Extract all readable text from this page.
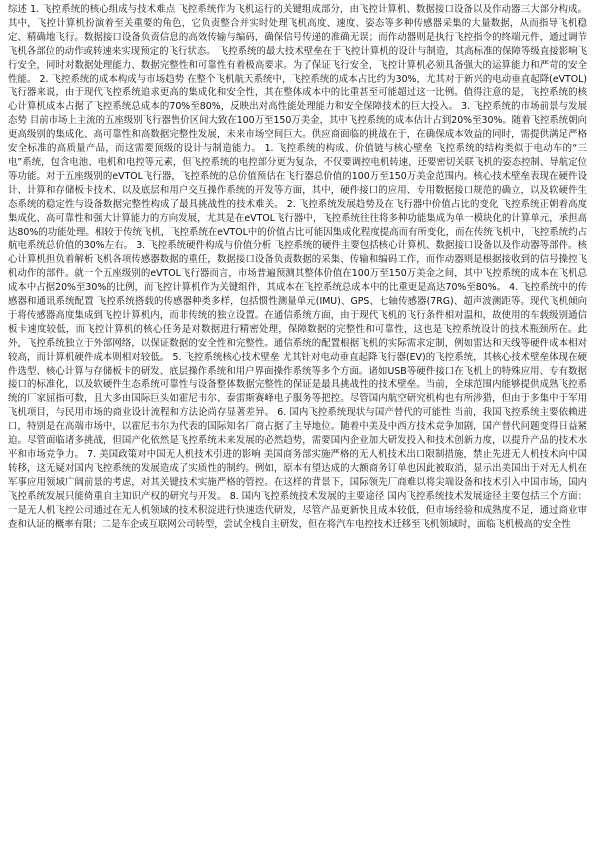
综述 1. 飞控系统的核心组成与技术难点 飞控系统作为飞机运行的关键组成部分，由飞控计算机、数据接口设备以及作动器三大部分构成。其中，飞控计算机扮演着至关重要的角色，它负责整合并实时处理飞机高度、速度、姿态等多种传感器采集的大量数据，从而指导飞机稳定、精确地飞行。数据接口设备负责信息的高效传输与编码，确保信号传递的准确无误；而作动器则是执行飞控指令的终端元件，通过调节飞机各部位的动作或转速来实现预定的飞行状态。 飞控系统的最大技术壁垒在于飞控计算机的设计与制造，其高标准的保障等级直接影响飞行安全，同时对数据处理能力、数据完整性和可靠性有着极高要求。为了保证飞行安全，飞控计算机必须具备强大的运算能力和严苛的安全性能。 2. 飞控系统的成本构成与市场趋势 在整个飞机航天系统中，飞控系统的成本占比约为30%，尤其对于新兴的电动垂直起降(eVTOL)飞行器来说，由于现代飞控系统追求更高的集成化和安全性，其在整体成本中的比重甚至可能超过这一比例。值得注意的是，飞控系统的核心计算机成本占据了飞控系统总成本的70%至80%，反映出对高性能处理能力和安全保障技术的巨大投入。 3. 飞控系统的市场前景与发展态势 目前市场上主流的五座级别飞行器售价区间大致在100万至150万美金，其中飞控系统的成本估计占到20%至30%。随着飞控系统朝向更高级别的集成化、高可靠性和高数据完整性发展，未来市场空间巨大。供应商面临的挑战在于，在确保成本效益的同时，需提供满足严格安全标准的高质量产品，而这需要顶级的设计与制造能力。 1. 飞控系统的构成、价值链与核心壁垒 飞控系统的结构类似于电动车的“三电”系统，包含电池、电机和电控等元素，但飞控系统的电控部分更为复杂，不仅要调控电机转速，还要密切关联飞机的姿态控制、导航定位等功能。对于五座级别的eVTOL飞行器，飞控系统的总价值预估在飞行器总价值的100万至150万美金范围内。核心技术壁垒表现在硬件设计、计算和存储板卡技术、以及底层和用户交互操作系统的开发等方面，其中，硬件接口的应用、专用数据接口规范的确立，以及软硬件生态系统的稳定性与设备数据完整性构成了最具挑战性的技术难关。 2. 飞控系统发展趋势及在飞行器中价值占比的变化 飞控系统正朝着高度集成化、高可靠性和强大计算能力的方向发展，尤其是在eVTOL飞行器中，飞控系统往往将多种功能集成为单一模块化的计算单元，承担高达80%的功能处理。相较于传统飞机，飞控系统在eVTOL中的价值占比可能因集成化程度提高而有所变化，而在传统飞机中，飞控系统约占航电系统总价值的30%左右。 3. 飞控系统硬件构成与价值分析 飞控系统的硬件主要包括核心计算机、数据接口设备以及作动器等部件。核心计算机担负着解析飞机各项传感器数据的重任，数据接口设备负责数据的采集、传输和编码工作，而作动器则是根据接收到的信号操控飞机动作的部件。就一个五座级别的eVTOL飞行器而言，市场普遍预测其整体价值在100万至150万美金之间，其中飞控系统的成本在飞机总成本中占据20%至30%的比例，而飞控计算机作为关键组件，其成本在飞控系统总成本中的比重更是高达70%至80%。 4. 飞控系统中的传感器和通讯系统配置 飞控系统搭载的传感器种类多样，包括惯性测量单元(IMU)、GPS、七轴传感器(7RG)、超声波测距等。现代飞机倾向于将传感器高度集成到飞控计算机内，而非传统的独立设置。在通信系统方面，由于现代飞机的飞行条件相对温和，故使用的车载级别通信板卡速度较低，而飞控计算机的核心任务是对数据进行精密处理，保障数据的完整性和可靠性，这也是飞控系统设计的技术瓶颈所在。此外，飞控系统独立于外部网络，以保证数据的安全性和完整性。通信系统的配置根据飞机的实际需求定制，例如雷达和天线等硬件成本相对较高，而计算机硬件成本则相对较低。 5. 飞控系统核心技术壁垒 尤其针对电动垂直起降飞行器(EV)的飞控系统，其核心技术壁垒体现在硬件选型、核心计算与存储板卡的研发、底层操作系统和用户界面操作系统等多个方面。诸如USB等硬件接口在飞机上的特殊应用、专有数据接口的标准化，以及软硬件生态系统可靠性与设备整体数据完整性的保证是最具挑战性的技术壁垒。当前，全球范围内能够提供成熟飞控系统的厂家屈指可数，且大多由国际巨头如霍尼韦尔、泰雷斯赛峰电子服务等把控。尽管国内航空研究机构也有所涉猎，但由于多集中于军用飞机项目，与民用市场的商业设计流程和方法论尚存显著差异。 6. 国内飞控系统现状与国产替代的可能性 当前，我国飞控系统主要依赖进口，特别是在高端市场中，以霍尼韦尔为代表的国际知名厂商占据了主导地位。随着中美及中西方技术竞争加剧，国产替代问题变得日益紧迫。尽管面临诸多挑战，但国产化依然是飞控系统未来发展的必然趋势，需要国内企业加大研发投入和技术创新力度，以提升产品的技术水平和市场竞争力。 7. 美国政策对中国无人机技术引进的影响 美国商务部实施严格的无人机技术出口限制措施，禁止先进无人机技术向中国转移，这无疑对国内飞控系统的发展造成了实质性的制约。例如，原本有望达成的大额商务订单也因此被取消，显示出美国出于对无人机在军事应用领域广阔前景的考虑，对其关键技术实施严格的管控。在这样的背景下，国际领先厂商难以将尖端设备和技术引入中国市场，国内飞控系统发展只能倚重自主知识产权的研究与开发。 8. 国内飞控系统技术发展的主要途径 国内飞控系统技术发展途径主要包括三个方面：一是无人机飞控公司通过在无人机领域的技术积淀进行快速迭代研发，尽管产品更新快且成本较低，但市场经验和成熟度不足，通过商业审查和认证的概率有限；二是车企或互联网公司转型，尝试全栈自主研发，但在将汽车电控技术迁移至飞机领域时，面临飞机极高的安全性
